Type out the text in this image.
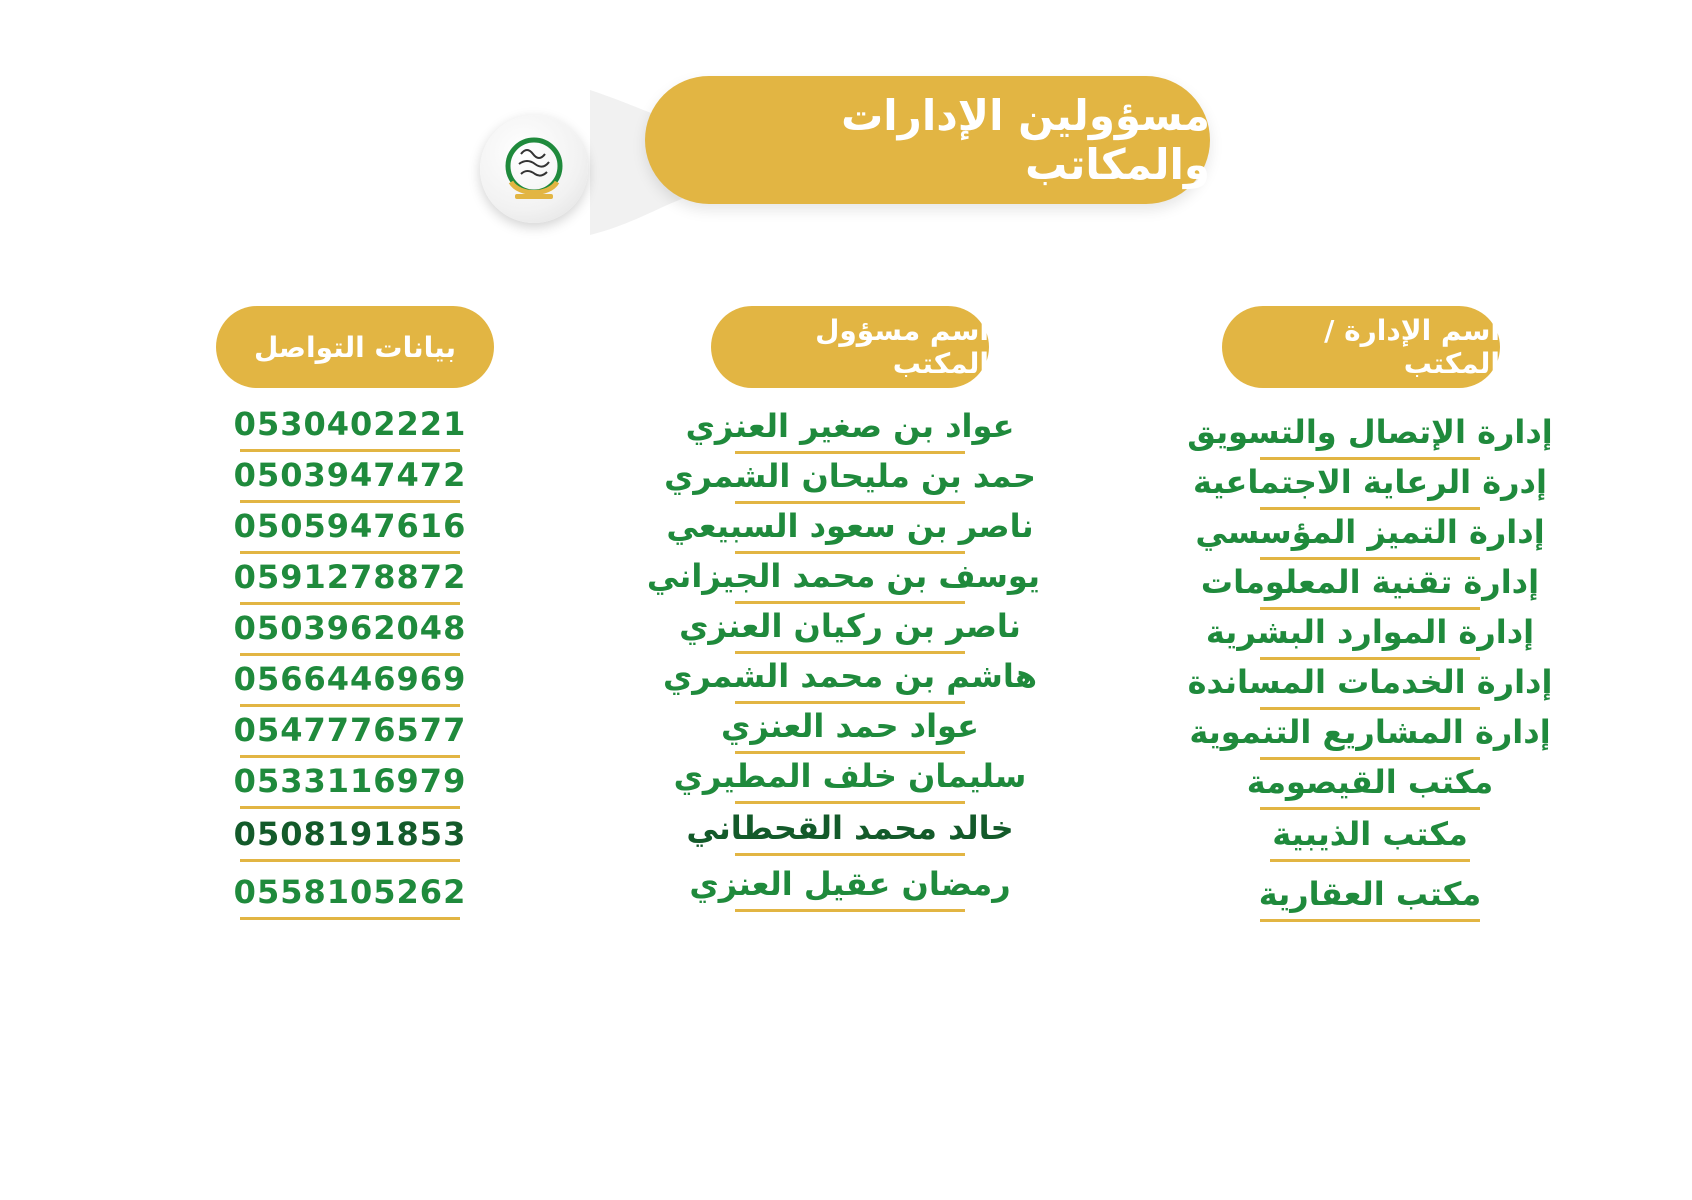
مسؤولين الإدارات والمكاتب
اسم الإدارة / المكتب
اسم مسؤول المكتب
بيانات التواصل
إدارة الإتصال والتسويق
إدرة الرعاية الاجتماعية
إدارة التميز المؤسسي
إدارة تقنية المعلومات
إدارة الموارد البشرية
إدارة الخدمات المساندة
إدارة المشاريع التنموية
مكتب القيصومة
مكتب الذيبية
مكتب العقارية
عواد بن صغير العنزي
حمد بن مليحان الشمري
ناصر بن سعود السبيعي
يوسف بن محمد الجيزاني
ناصر بن ركيان العنزي
هاشم بن محمد الشمري
عواد حمد العنزي
سليمان خلف المطيري
خالد محمد القحطاني
رمضان عقيل العنزي
0530402221
0503947472
0505947616
0591278872
0503962048
0566446969
0547776577
0533116979
0508191853
0558105262
